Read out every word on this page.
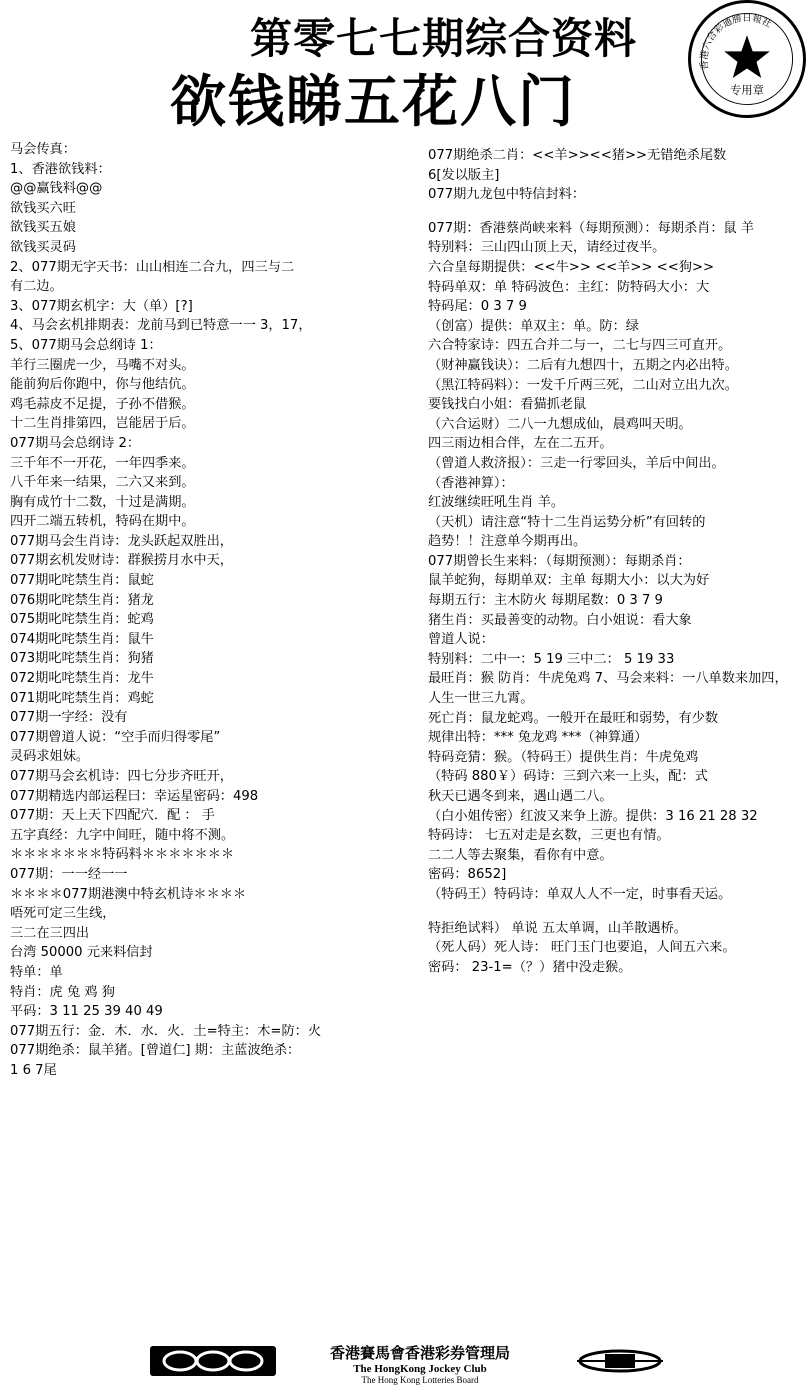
第零七七期综合资料
欲钱睇五花八门	专用章
香港六合彩通勝日報社
马会传真：
1、香港欲钱料：
@@赢钱料@@
欲钱买六旺
欲钱买五娘
欲钱买灵码
2、077期无字天书：山山相连二合九，四三与二
有二边。
3、077期玄机字：大（单）[?]
4、马会玄机排期表：龙前马到已特意一一 3，17，
5、077期马会总纲诗 1：
羊行三圈虎一少，马嘴不对头。
能前狗后你跑中，你与他结伉。
鸡毛蒜皮不足提，子孙不借猴。
十二生肖排第四，岂能居于后。
077期马会总纲诗 2：
三千年不一开花，一年四季来。
八千年来一结果，二六又来到。
胸有成竹十二数，十过是满期。
四开二端五转机，特码在期中。
077期马会生肖诗：龙头跃起双胜出，
077期玄机发财诗：群猴捞月水中天，
077期叱咤禁生肖：鼠蛇
076期叱咤禁生肖：猪龙
075期叱咤禁生肖：蛇鸡
074期叱咤禁生肖：鼠牛
073期叱咤禁生肖：狗猪
072期叱咤禁生肖：龙牛
071期叱咤禁生肖：鸡蛇
077期一字经：没有
077期曾道人说：“空手而归得零尾”
灵码求姐妹。
077期马会玄机诗：四七分步齐旺开，
077期精选内部运程曰：幸运星密码：498
077期：天上天下四配穴．配 ： 手
五字真经：九字中间旺，随中将不测。
＊＊＊＊＊＊＊特码料＊＊＊＊＊＊＊
077期：一一经一一
＊＊＊＊077期港澳中特玄机诗＊＊＊＊
唔死可定三生线，
三二在三四出
台湾 50000 元来料信封
特单：单
特肖：虎 兔 鸡 狗
平码：3 11 25 39 40 49
077期五行：金．木．水．火．土=特主：木=防：火
077期绝杀：鼠羊猪。[曾道仁] 期：主蓝波绝杀：
1 6 7尾
077期绝杀二肖：<<羊>><<猪>>无错绝杀尾数
6[发以版主]
077期九龙包中特信封料：
077期：香港蔡尚峡来料（每期预测）：每期杀肖：鼠 羊
特别料：三山四山顶上天，请经过夜半。
六合皇每期提供：<<牛>> <<羊>> <<狗>>
特码单双：单 特码波色：主红：防特码大小：大
特码尾：0 3 7 9
（创富）提供：单双主：单。防：绿
六合特家诗：四五合并二与一，二七与四三可直开。
（财神赢钱诀）：二后有九想四十，五期之内必出特。
（黑江特码料）：一发千斤两三死，二山对立出九次。
要钱找白小姐：看猫抓老鼠
（六合运财）二八一九想成仙，晨鸡叫天明。
四三雨边相合伴，左在二五开。
（曾道人救济报）：三走一行零回头，羊后中间出。
（香港神算）：
红波继续旺吼生肖 羊。
（天机）请注意“特十二生肖运势分析”有回转的
趋势！！注意单今期再出。
077期曾长生来料：（每期预测）：每期杀肖：
鼠羊蛇狗，每期单双：主单 每期大小：以大为好
每期五行：主木防火 每期尾数：0 3 7 9
猪生肖：买最善变的动物。白小姐说：看大象
曾道人说：
特别料：二中一：5 19 三中二： 5 19 33
最旺肖：猴 防肖：牛虎兔鸡 7、马会来料：一八单数来加四，
人生一世三九霄。
死亡肖：鼠龙蛇鸡。一般开在最旺和弱势，有少数
规律出特：*** 兔龙鸡 ***（神算通）
特码竞猜：猴。（特码王）提供生肖：牛虎兔鸡
（特码 880￥）码诗：三到六来一上头，配：式
秋天已遇冬到来，遇山遇二八。
（白小姐传密）红波又来争上游。提供：3 16 21 28 32
特码诗： 七五对走是玄数，三更也有情。
二二人等去聚集，看你有中意。
密码：8652]
（特码王）特码诗：单双人人不一定，时事看天运。
特拒绝试料） 单说 五太单调，山羊散遇桥。
（死人码）死人诗： 旺门玉门也要追，人间五六来。
密码： 23-1=（？）猪中没走猴。
香港賽馬會香港彩券管理局
The HongKong Jockey Club
The Hong Kong Lotteries Board
